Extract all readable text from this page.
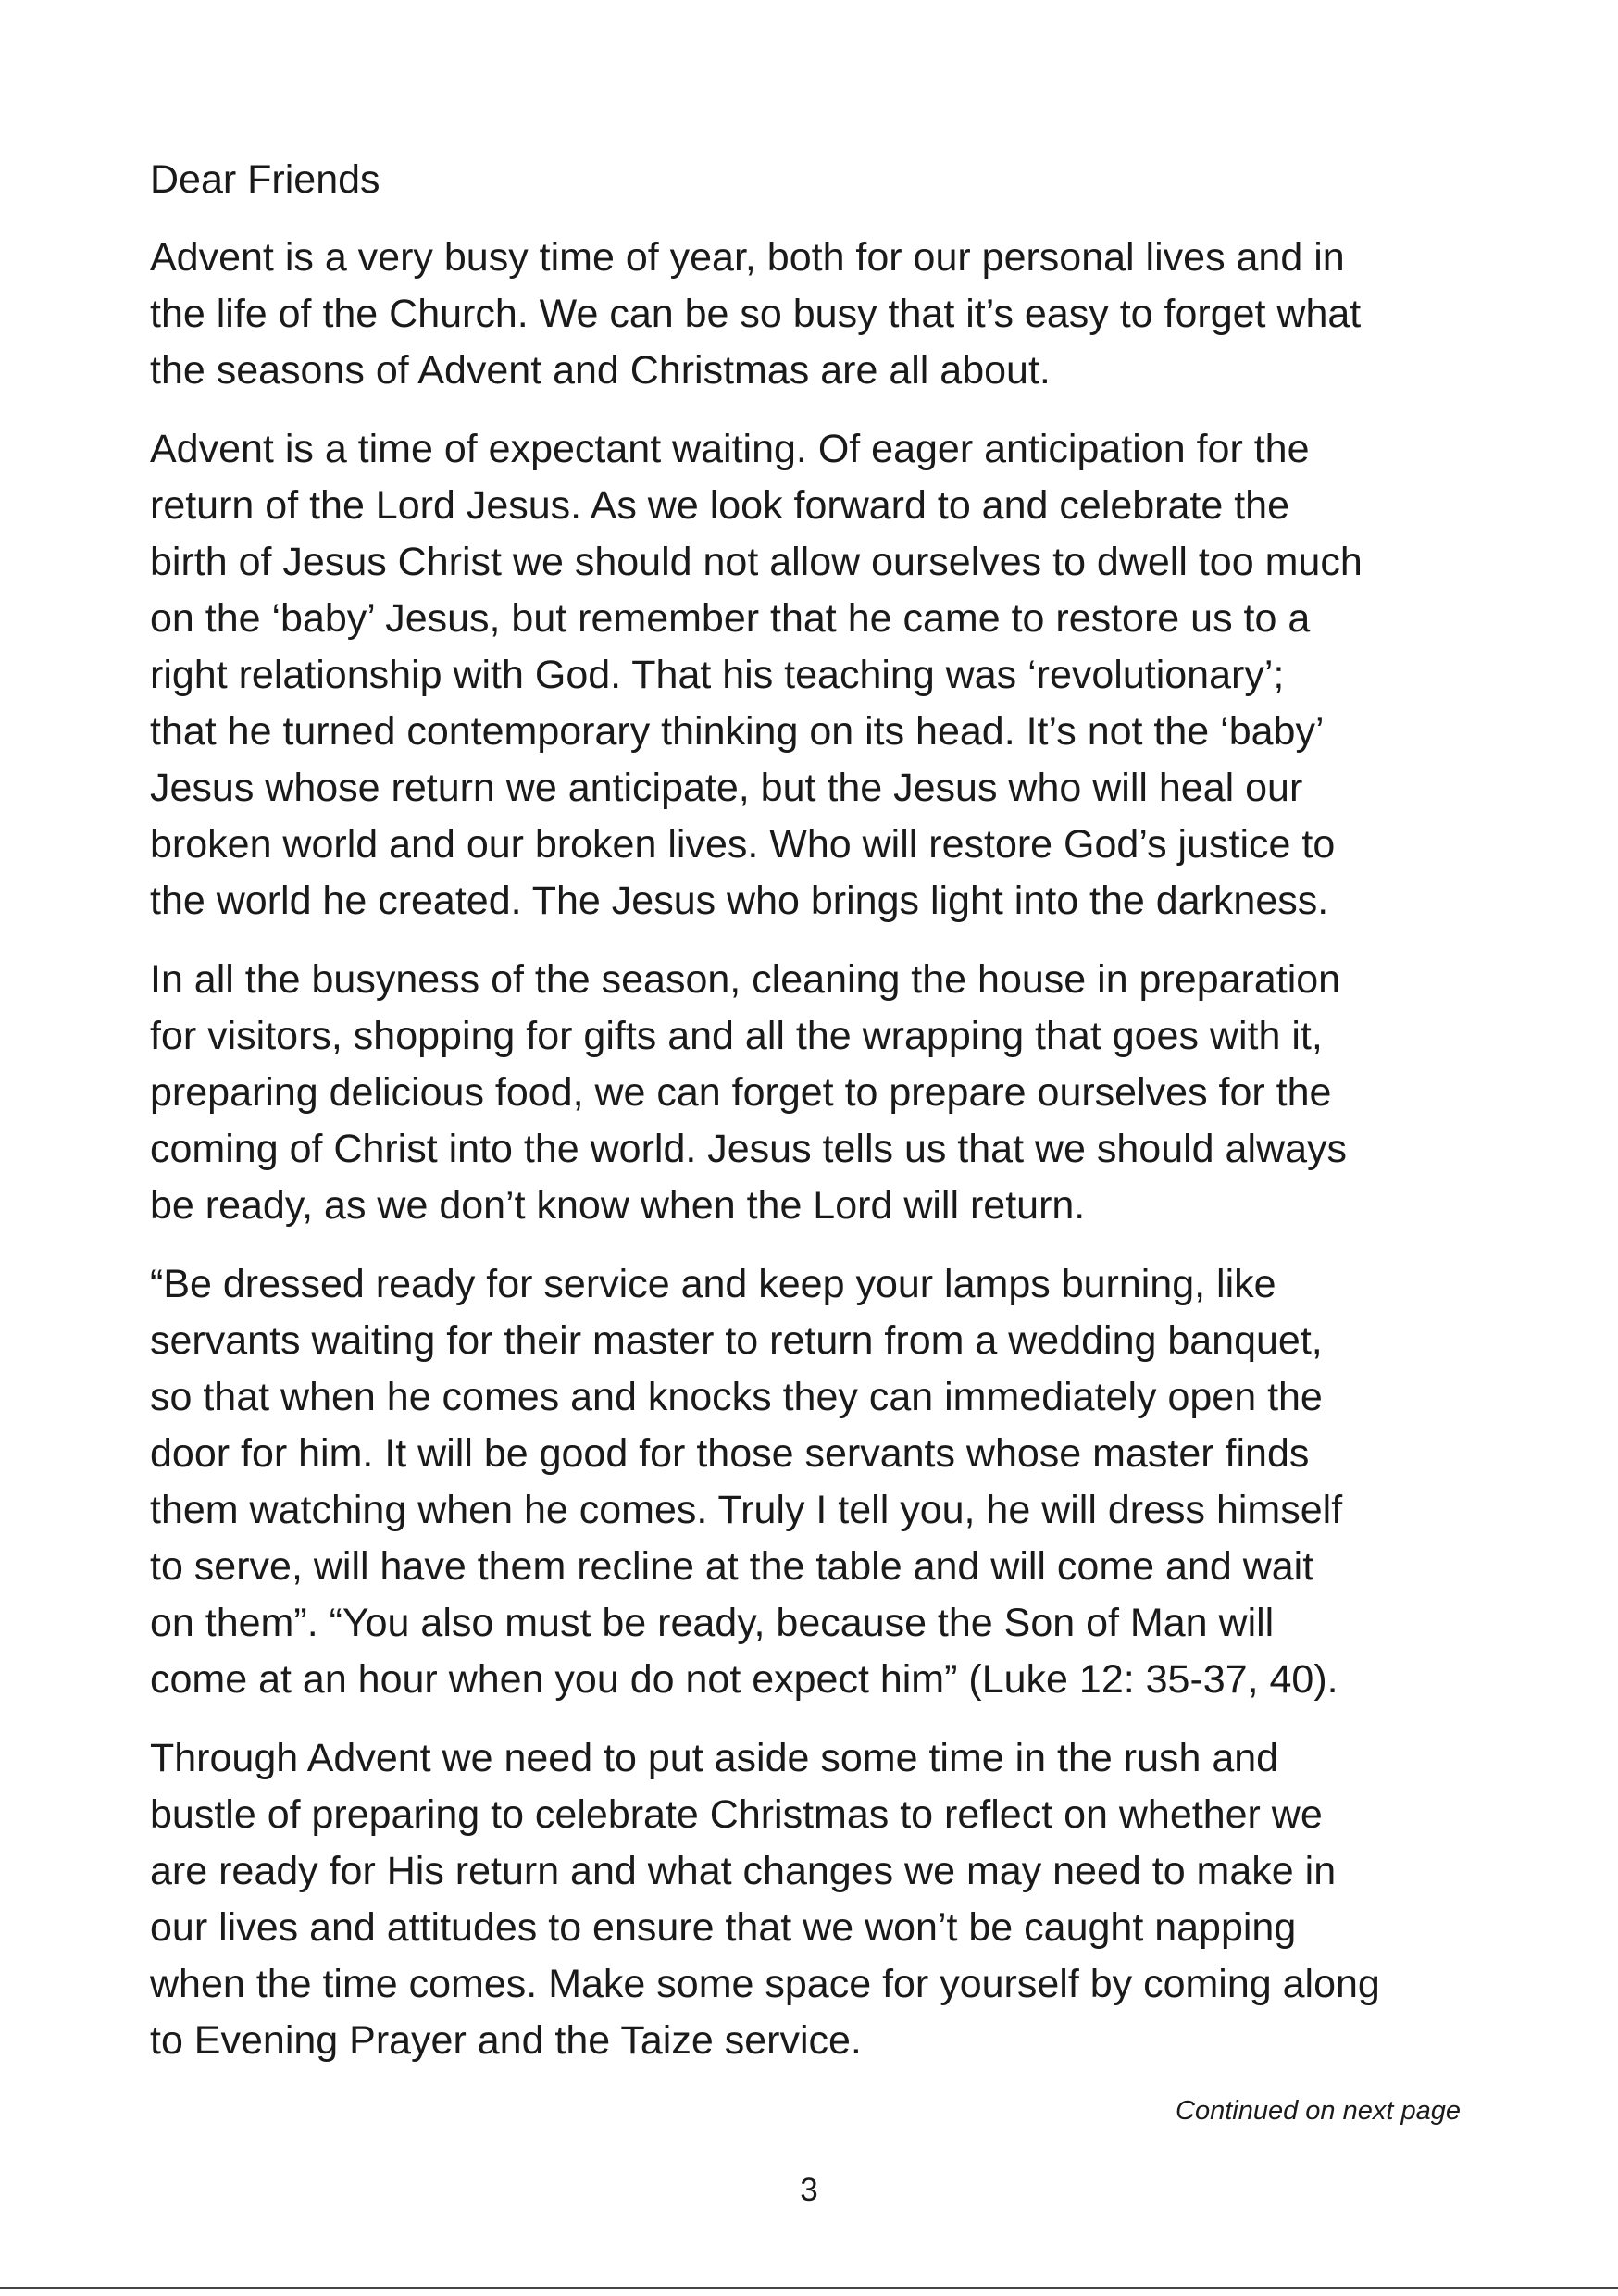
Dear Friends

Advent is a very busy time of year, both for our personal lives and in
the life of the Church. We can be so busy that it’s easy to forget what
the seasons of Advent and Christmas are all about.

Advent is a time of expectant waiting. Of eager anticipation for the
return of the Lord Jesus. As we look forward to and celebrate the
birth of Jesus Christ we should not allow ourselves to dwell too much
on the ‘baby’ Jesus, but remember that he came to restore us to a
right relationship with God. That his teaching was ‘revolutionary’;
that he turned contemporary thinking on its head. It’s not the ‘baby’
Jesus whose return we anticipate, but the Jesus who will heal our
broken world and our broken lives. Who will restore God’s justice to
the world he created. The Jesus who brings light into the darkness.

In all the busyness of the season, cleaning the house in preparation
for visitors, shopping for gifts and all the wrapping that goes with it,
preparing delicious food, we can forget to prepare ourselves for the
coming of Christ into the world. Jesus tells us that we should always
be ready, as we don’t know when the Lord will return.

“Be dressed ready for service and keep your lamps burning, like
servants waiting for their master to return from a wedding banquet,
so that when he comes and knocks they can immediately open the
door for him. It will be good for those servants whose master finds
them watching when he comes. Truly I tell you, he will dress himself
to serve, will have them recline at the table and will come and wait
on them”. “You also must be ready, because the Son of Man will
come at an hour when you do not expect him” (Luke 12: 35-37, 40).

Through Advent we need to put aside some time in the rush and
bustle of preparing to celebrate Christmas to reflect on whether we
are ready for His return and what changes we may need to make in
our lives and attitudes to ensure that we won’t be caught napping
when the time comes. Make some space for yourself by coming along
to Evening Prayer and the Taize service.

Continued on next page
3
